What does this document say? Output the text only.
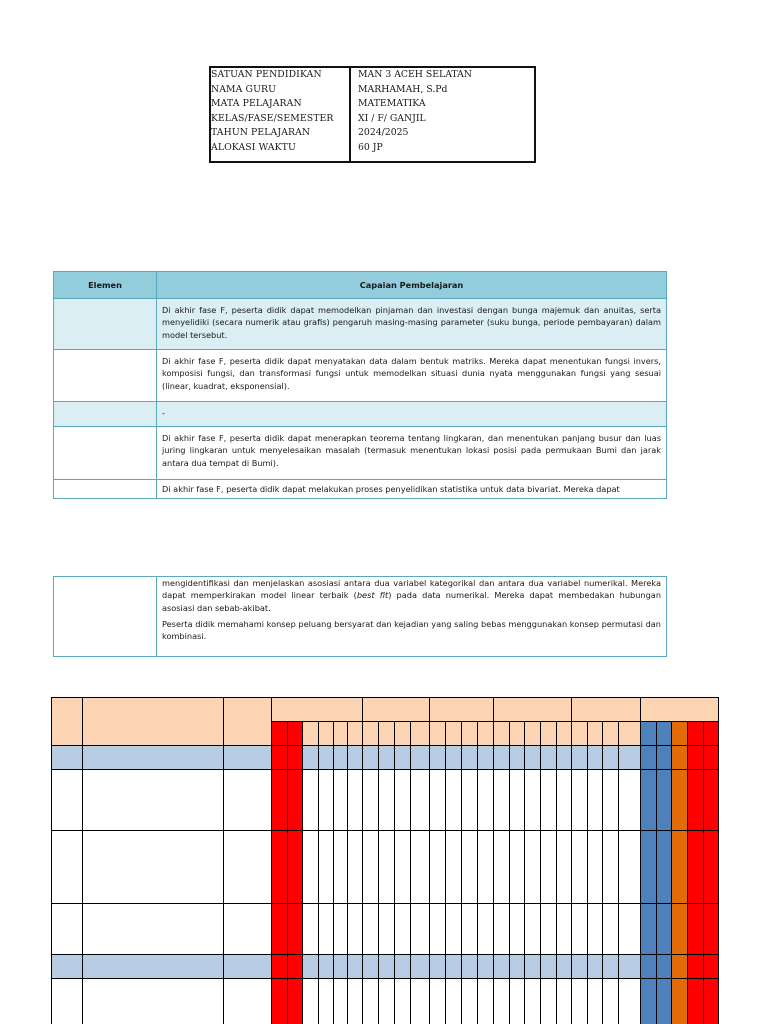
SATUAN PENDIDIKAN	: MAN 3 ACEH SELATAN
NAMA GURU	: MARHAMAH, S.Pd
MATA PELAJARAN	: MATEMATIKA
KELAS/FASE/SEMESTER	: XI / F/ GANJIL
TAHUN PELAJARAN	: 2024/2025
ALOKASI WAKTU	: 60 JP
Elemen	Capaian Pembelajaran
	Di akhir fase F, peserta didik dapat memodelkan pinjaman dan investasi dengan bunga majemuk dan anuitas, serta menyelidiki (secara numerik atau grafis) pengaruh masing-masing parameter (suku bunga, periode pembayaran) dalam model tersebut.
	Di akhir fase F, peserta didik dapat menyatakan data dalam bentuk matriks. Mereka dapat menentukan fungsi invers, komposisi fungsi, dan transformasi fungsi untuk memodelkan situasi dunia nyata menggunakan fungsi yang sesuai (linear, kuadrat, eksponensial).
	-
	Di akhir fase F, peserta didik dapat menerapkan teorema tentang lingkaran, dan menentukan panjang busur dan luas juring lingkaran untuk menyelesaikan masalah (termasuk menentukan lokasi posisi pada permukaan Bumi dan jarak antara dua tempat di Bumi).
	Di akhir fase F, peserta didik dapat melakukan proses penyelidikan statistika untuk data bivariat. Mereka dapat

mengidentifikasi dan menjelaskan asosiasi antara dua variabel kategorikal dan antara dua variabel numerikal. Mereka dapat memperkirakan model linear terbaik (best fit) pada data numerikal. Mereka dapat membedakan hubungan asosiasi dan sebab-akibat.

Peserta didik memahami konsep peluang bersyarat dan kejadian yang saling bebas menggunakan konsep permutasi dan kombinasi.
